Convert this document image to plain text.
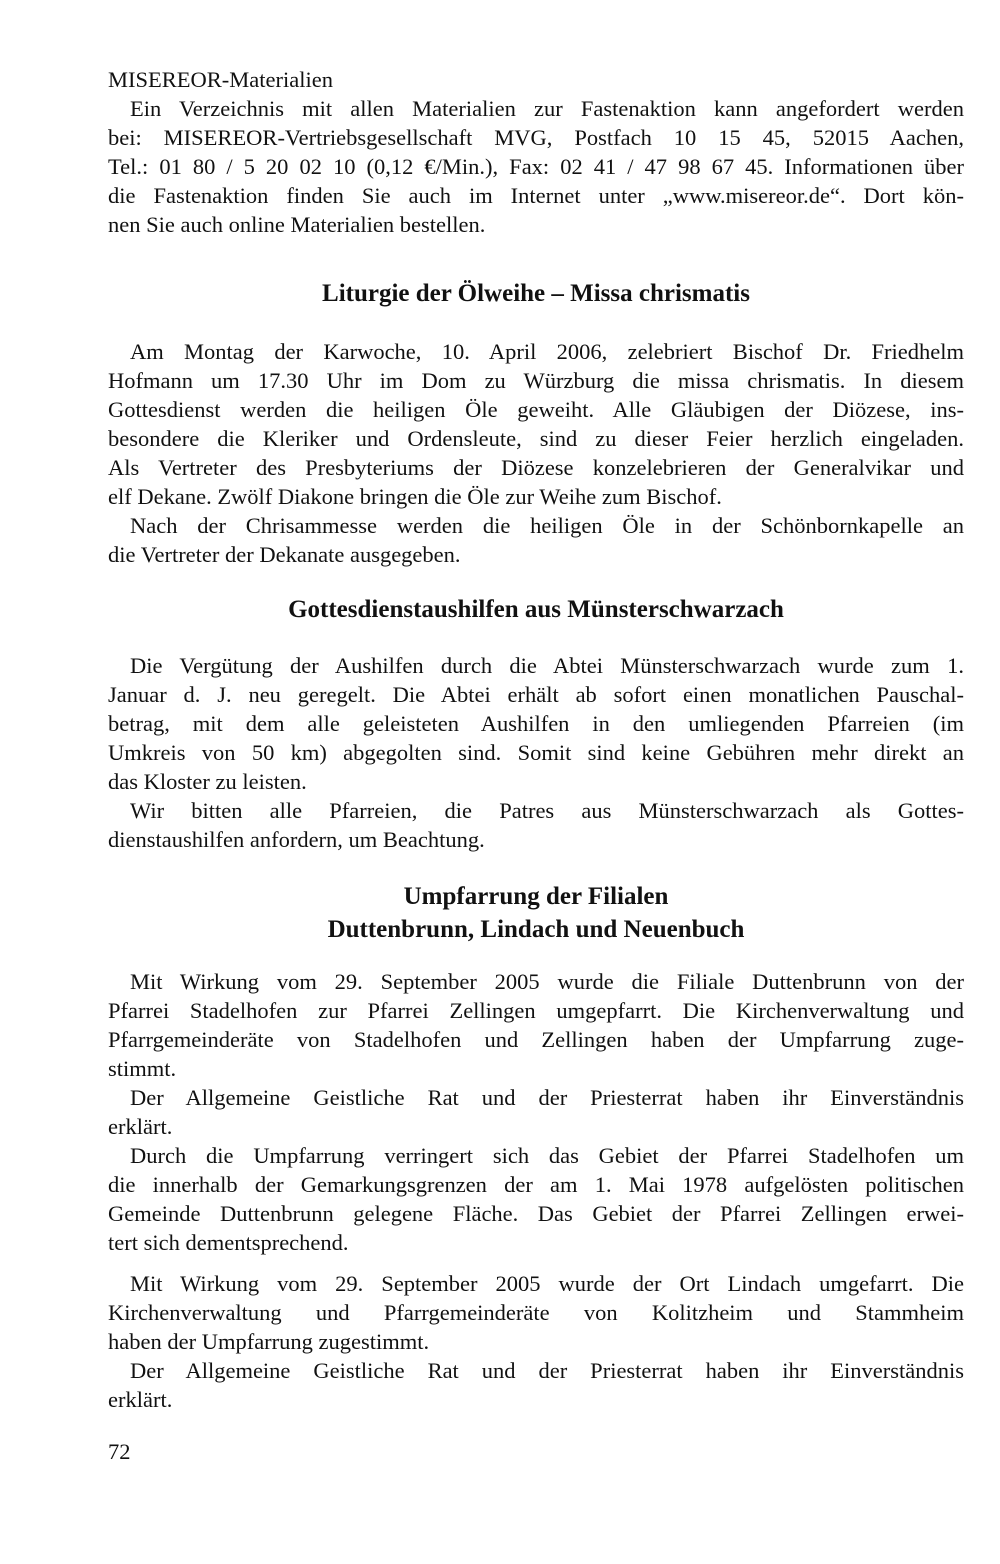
MISEREOR-Materialien
Ein Verzeichnis mit allen Materialien zur Fastenaktion kann angefordert werden
bei: MISEREOR-Vertriebsgesellschaft MVG, Postfach 10 15 45, 52015 Aachen,
Tel.: 01 80 / 5 20 02 10 (0,12 €/Min.), Fax: 02 41 / 47 98 67 45. Informationen über
die Fastenaktion finden Sie auch im Internet unter „www.misereor.de“. Dort kön-
nen Sie auch online Materialien bestellen.
Liturgie der Ölweihe – Missa chrismatis
Am Montag der Karwoche, 10. April 2006, zelebriert Bischof Dr. Friedhelm
Hofmann um 17.30 Uhr im Dom zu Würzburg die missa chrismatis. In diesem
Gottesdienst werden die heiligen Öle geweiht. Alle Gläubigen der Diözese, ins-
besondere die Kleriker und Ordensleute, sind zu dieser Feier herzlich eingeladen.
Als Vertreter des Presbyteriums der Diözese konzelebrieren der Generalvikar und
elf Dekane. Zwölf Diakone bringen die Öle zur Weihe zum Bischof.
Nach der Chrisammesse werden die heiligen Öle in der Schönbornkapelle an
die Vertreter der Dekanate ausgegeben.
Gottesdienstaushilfen aus Münsterschwarzach
Die Vergütung der Aushilfen durch die Abtei Münsterschwarzach wurde zum 1.
Januar d. J. neu geregelt. Die Abtei erhält ab sofort einen monatlichen Pauschal-
betrag, mit dem alle geleisteten Aushilfen in den umliegenden Pfarreien (im
Umkreis von 50 km) abgegolten sind. Somit sind keine Gebühren mehr direkt an
das Kloster zu leisten.
Wir bitten alle Pfarreien, die Patres aus Münsterschwarzach als Gottes-
dienstaushilfen anfordern, um Beachtung.
Umpfarrung der Filialen
Duttenbrunn, Lindach und Neuenbuch
Mit Wirkung vom 29. September 2005 wurde die Filiale Duttenbrunn von der
Pfarrei Stadelhofen zur Pfarrei Zellingen umgepfarrt. Die Kirchenverwaltung und
Pfarrgemeinderäte von Stadelhofen und Zellingen haben der Umpfarrung zuge-
stimmt.
Der Allgemeine Geistliche Rat und der Priesterrat haben ihr Einverständnis
erklärt.
Durch die Umpfarrung verringert sich das Gebiet der Pfarrei Stadelhofen um
die innerhalb der Gemarkungsgrenzen der am 1. Mai 1978 aufgelösten politischen
Gemeinde Duttenbrunn gelegene Fläche. Das Gebiet der Pfarrei Zellingen erwei-
tert sich dementsprechend.
Mit Wirkung vom 29. September 2005 wurde der Ort Lindach umgefarrt. Die
Kirchenverwaltung und Pfarrgemeinderäte von Kolitzheim und Stammheim
haben der Umpfarrung zugestimmt.
Der Allgemeine Geistliche Rat und der Priesterrat haben ihr Einverständnis
erklärt.
72
